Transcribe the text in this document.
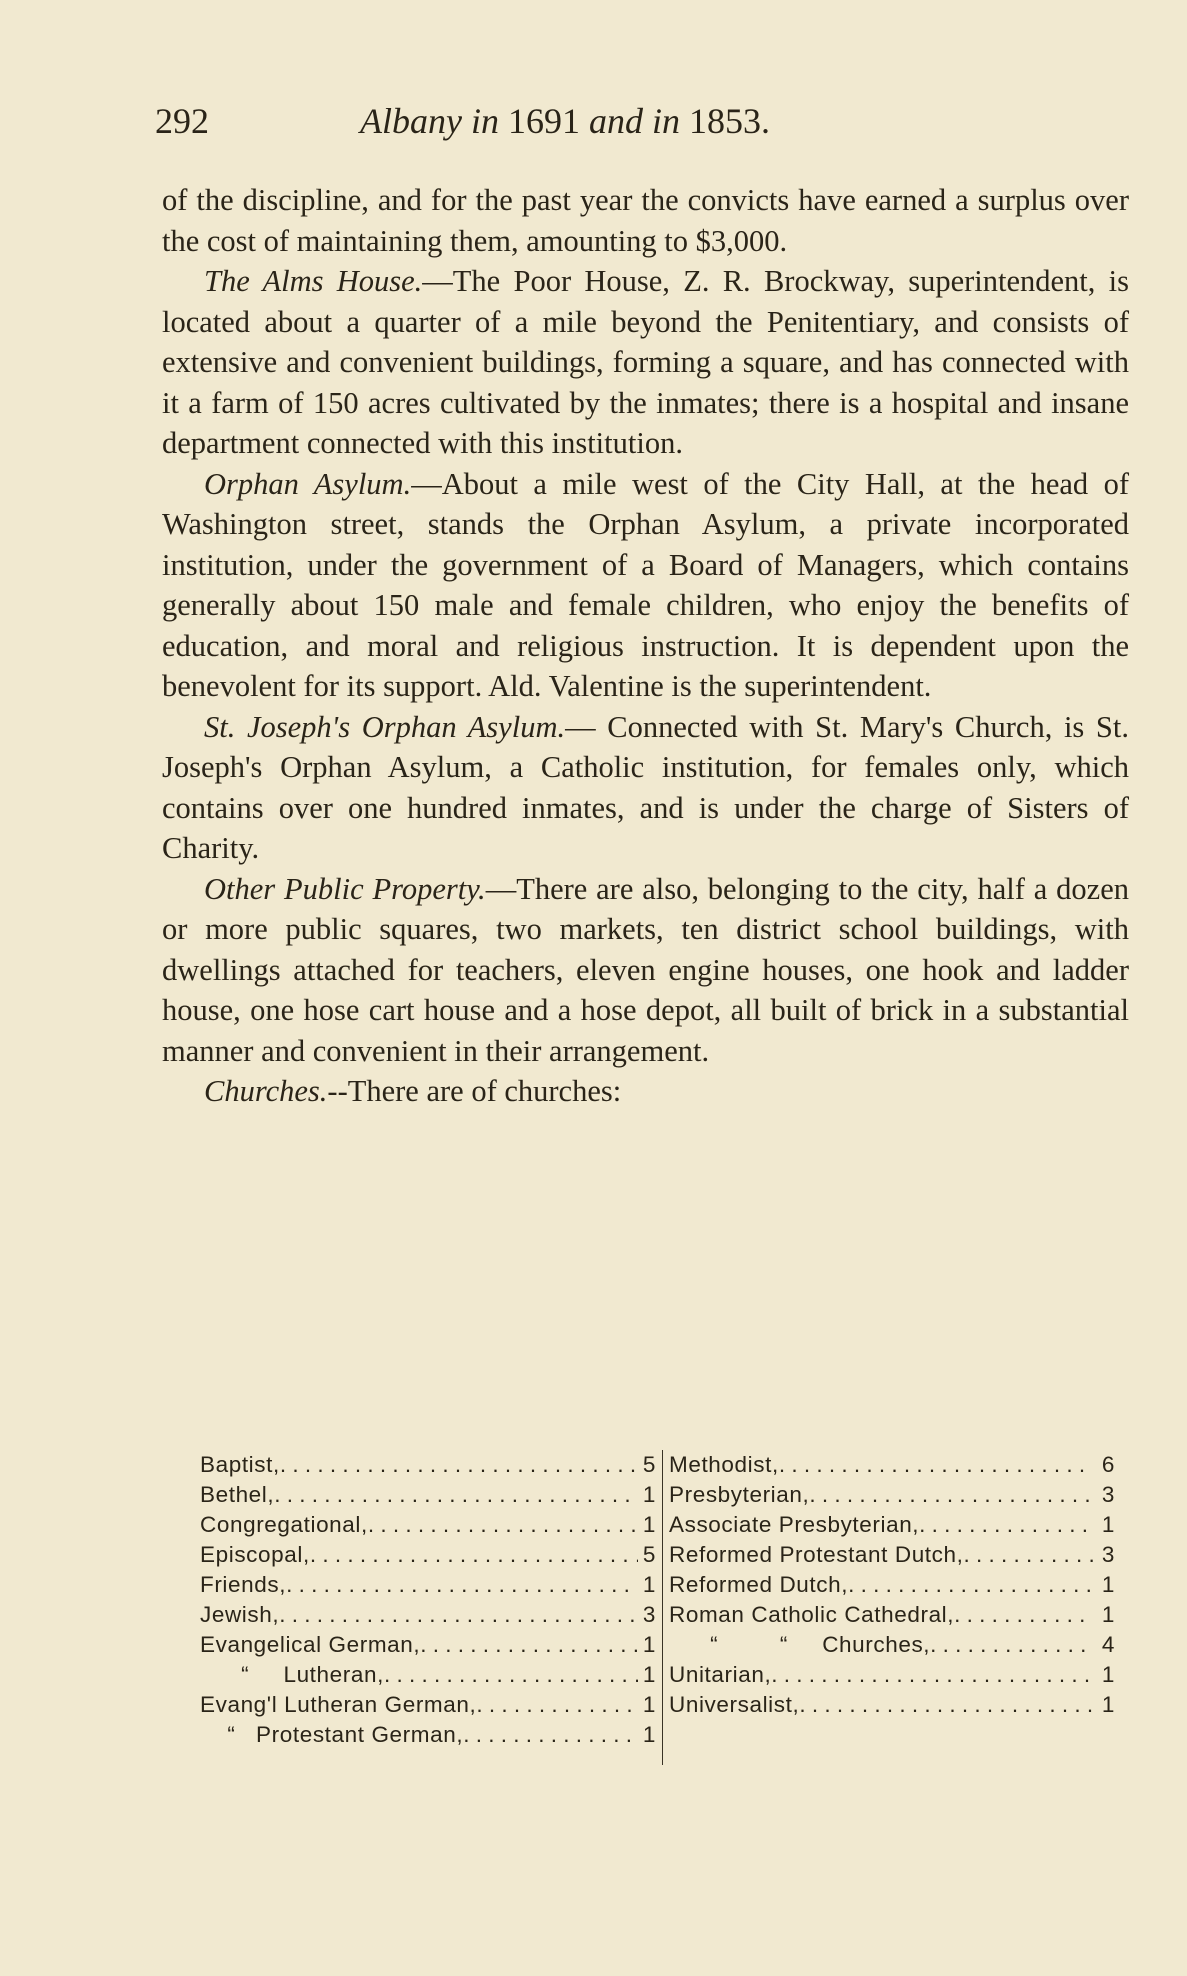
292	Albany in 1691 and in 1853.

of the discipline, and for the past year the convicts have earned a surplus over the cost of maintaining them, amounting to $3,000.

The Alms House.—The Poor House, Z. R. Brockway, superintendent, is located about a quarter of a mile beyond the Penitentiary, and consists of extensive and convenient buildings, forming a square, and has connected with it a farm of 150 acres cultivated by the inmates; there is a hospital and insane department connected with this institution.

Orphan Asylum.—About a mile west of the City Hall, at the head of Washington street, stands the Orphan Asylum, a private incorporated institution, under the government of a Board of Managers, which contains generally about 150 male and female children, who enjoy the benefits of education, and moral and religious instruction. It is dependent upon the benevolent for its support. Ald. Valentine is the superintendent.

St. Joseph's Orphan Asylum.— Connected with St. Mary's Church, is St. Joseph's Orphan Asylum, a Catholic institution, for females only, which contains over one hundred inmates, and is under the charge of Sisters of Charity.

Other Public Property.—There are also, belonging to the city, half a dozen or more public squares, two markets, ten district school buildings, with dwellings attached for teachers, eleven engine houses, one hook and ladder house, one hose cart house and a hose depot, all built of brick in a substantial manner and convenient in their arrangement.

Churches.--There are of churches:

Baptist, . . .	5
Bethel, . . .	1
Congregational, . . .	1
Episcopal, . . .	5
Friends, . . .	1
Jewish, . . .	3
Evangelical German, . . .	1
“     Lutheran, . . .	1
Evang'l Lutheran German, . . .	1
“   Protestant German, . . .	1
Methodist, . . .	6
Presbyterian, . . .	3
Associate Presbyterian, . . .	1
Reformed Protestant Dutch, . . .	3
Reformed Dutch, . . .	1
Roman Catholic Cathedral, . . .	1
“         “     Churches, . . .	4
Unitarian, . . .	1
Universalist, . . .	1
